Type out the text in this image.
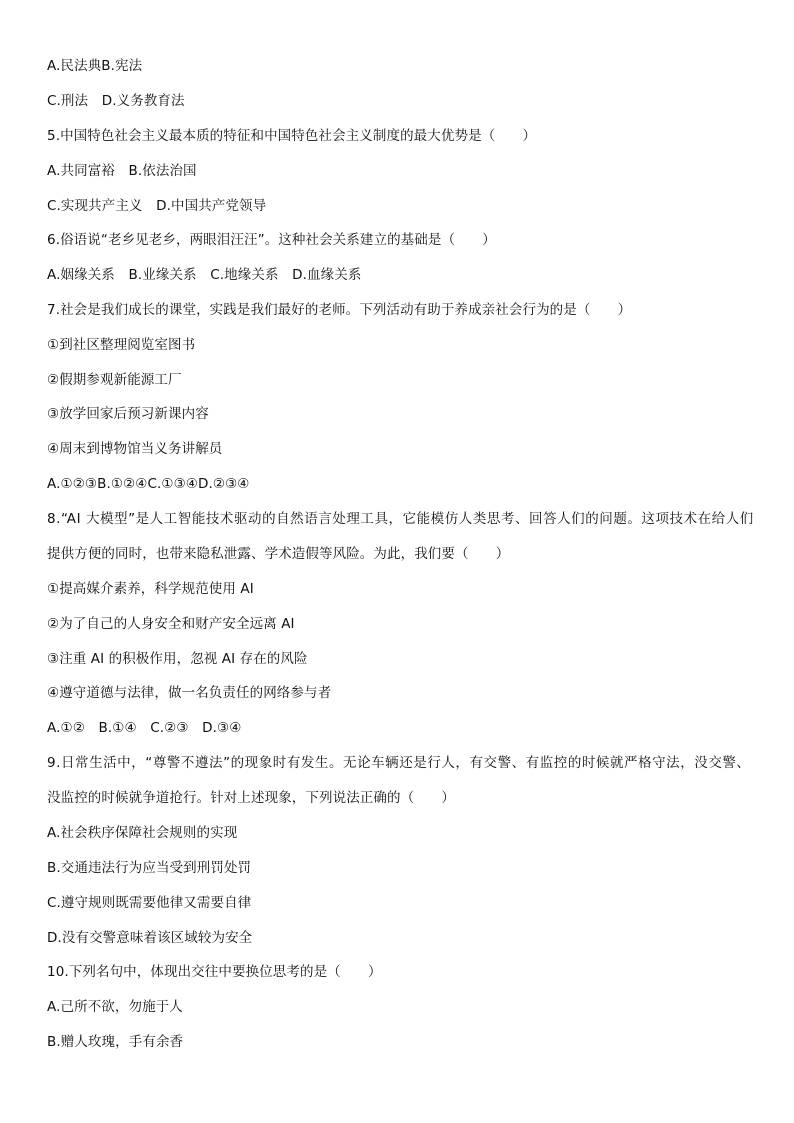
A.民法典B.宪法
C.刑法　D.义务教育法
5.中国特色社会主义最本质的特征和中国特色社会主义制度的最大优势是（　　）
A.共同富裕　B.依法治国
C.实现共产主义　D.中国共产党领导
6.俗语说“老乡见老乡，两眼泪汪汪”。这种社会关系建立的基础是（　　）
A.姻缘关系　B.业缘关系　C.地缘关系　D.血缘关系
7.社会是我们成长的课堂，实践是我们最好的老师。下列活动有助于养成亲社会行为的是（　　）
①到社区整理阅览室图书
②假期参观新能源工厂
③放学回家后预习新课内容
④周末到博物馆当义务讲解员
A.①②③B.①②④C.①③④D.②③④
8.“AI 大模型”是人工智能技术驱动的自然语言处理工具，它能模仿人类思考、回答人们的问题。这项技术在给人们
提供方便的同时，也带来隐私泄露、学术造假等风险。为此，我们要（　　）
①提高媒介素养，科学规范使用 AI
②为了自己的人身安全和财产安全远离 AI
③注重 AI 的积极作用，忽视 AI 存在的风险
④遵守道德与法律，做一名负责任的网络参与者
A.①②　B.①④　C.②③　D.③④
9.日常生活中，“尊警不遵法”的现象时有发生。无论车辆还是行人，有交警、有监控的时候就严格守法，没交警、
没监控的时候就争道抢行。针对上述现象，下列说法正确的（　　）
A.社会秩序保障社会规则的实现
B.交通违法行为应当受到刑罚处罚
C.遵守规则既需要他律又需要自律
D.没有交警意味着该区域较为安全
10.下列名句中，体现出交往中要换位思考的是（　　）
A.己所不欲，勿施于人
B.赠人玫瑰，手有余香
